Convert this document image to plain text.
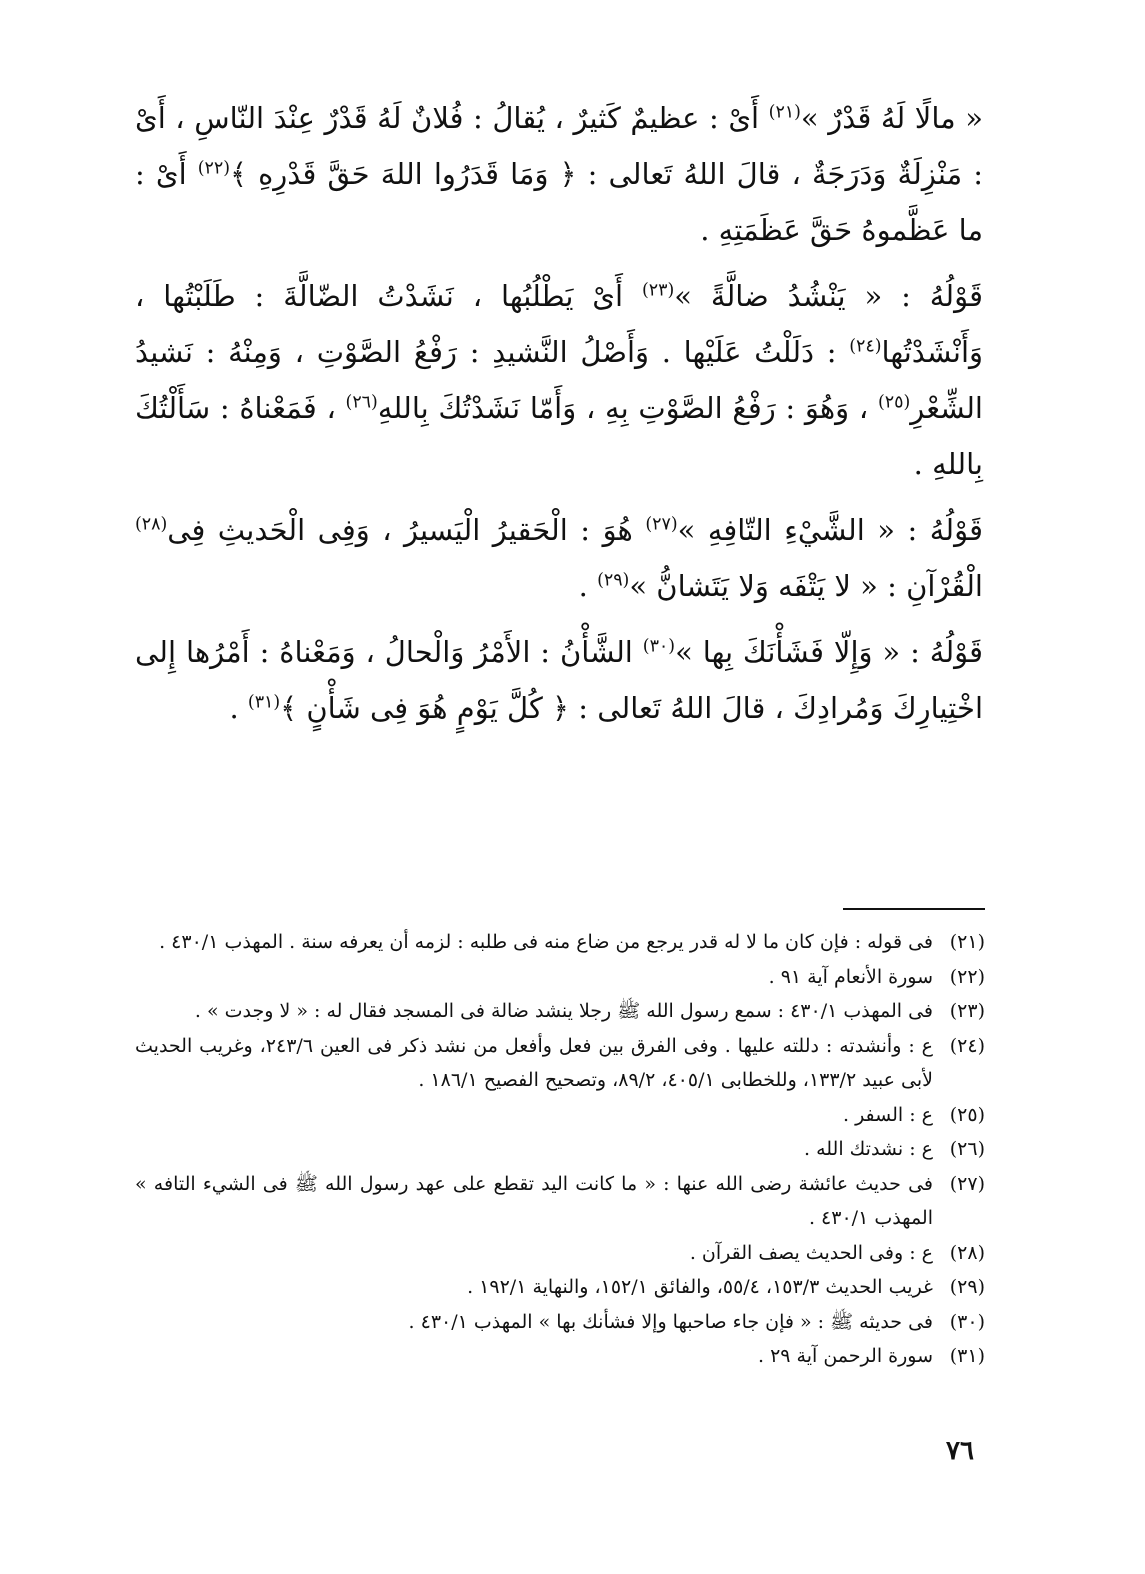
« مالًا لَهُ قَدْرٌ »$^{(٢١)}$ أَىْ : عظيمٌ كَثيرٌ ، يُقالُ : فُلانٌ لَهُ قَدْرٌ عِنْدَ النّاسِ ، أَىْ : مَنْزِلَةٌ وَدَرَجَةٌ ، قالَ اللهُ تَعالى : ﴿ وَمَا قَدَرُوا اللهَ حَقَّ قَدْرِهِ ﴾$^{(٢٢)}$ أَىْ : ما عَظَّموهُ حَقَّ عَظَمَتِهِ .

قَوْلُهُ : « يَنْشُدُ ضالَّةً »$^{(٢٣)}$ أَىْ يَطْلُبُها ، نَشَدْتُ الضّالَّةَ : طَلَبْتُها ، وَأَنْشَدْتُها$^{(٢٤)}$ : دَلَلْتُ عَلَيْها . وَأَصْلُ النَّشيدِ : رَفْعُ الصَّوْتِ ، وَمِنْهُ : نَشيدُ الشِّعْرِ$^{(٢٥)}$ ، وَهُوَ : رَفْعُ الصَّوْتِ بِهِ ، وَأَمّا نَشَدْتُكَ بِاللهِ$^{(٢٦)}$ ، فَمَعْناهُ : سَأَلْتُكَ بِاللهِ .

قَوْلُهُ : « الشَّيْءِ التّافِهِ »$^{(٢٧)}$ هُوَ : الْحَقيرُ الْيَسيرُ ، وَفِى الْحَديثِ فِى$^{(٢٨)}$ الْقُرْآنِ : « لا يَتْفَه وَلا يَتَشانُّ »$^{(٢٩)}$ .

قَوْلُهُ : « وَإِلّا فَشَأْنَكَ بِها »$^{(٣٠)}$ الشَّأْنُ : الأَمْرُ وَالْحالُ ، وَمَعْناهُ : أَمْرُها إِلى اخْتِيارِكَ وَمُرادِكَ ، قالَ اللهُ تَعالى : ﴿ كُلَّ يَوْمٍ هُوَ فِى شَأْنٍ ﴾$^{(٣١)}$ .

(٢١)
فى قوله : فإن كان ما لا له قدر يرجع من ضاع منه فى طلبه : لزمه أن يعرفه سنة . المهذب ٤٣٠/١ .
(٢٢)
سورة الأنعام آية ٩١ .
(٢٣)
فى المهذب ٤٣٠/١ : سمع رسول الله ﷺ رجلا ينشد ضالة فى المسجد فقال له : « لا وجدت » .
(٢٤)
ع : وأنشدته : دللته عليها . وفى الفرق بين فعل وأفعل من نشد ذكر فى العين ٢٤٣/٦، وغريب الحديث لأبى عبيد ١٣٣/٢، وللخطابى ٤٠٥/١، ٨٩/٢، وتصحيح الفصيح ١٨٦/١ .
(٢٥)
ع : السفر .
(٢٦)
ع : نشدتك الله .
(٢٧)
فى حديث عائشة رضى الله عنها : « ما كانت اليد تقطع على عهد رسول الله ﷺ فى الشيء التافه » المهذب ٤٣٠/١ .
(٢٨)
ع : وفى الحديث يصف القرآن .
(٢٩)
غريب الحديث ١٥٣/٣، ٥٥/٤، والفائق ١٥٢/١، والنهاية ١٩٢/١ .
(٣٠)
فى حديثه ﷺ : « فإن جاء صاحبها وإلا فشأنك بها » المهذب ٤٣٠/١ .
(٣١)
سورة الرحمن آية ٢٩ .
٧٦
